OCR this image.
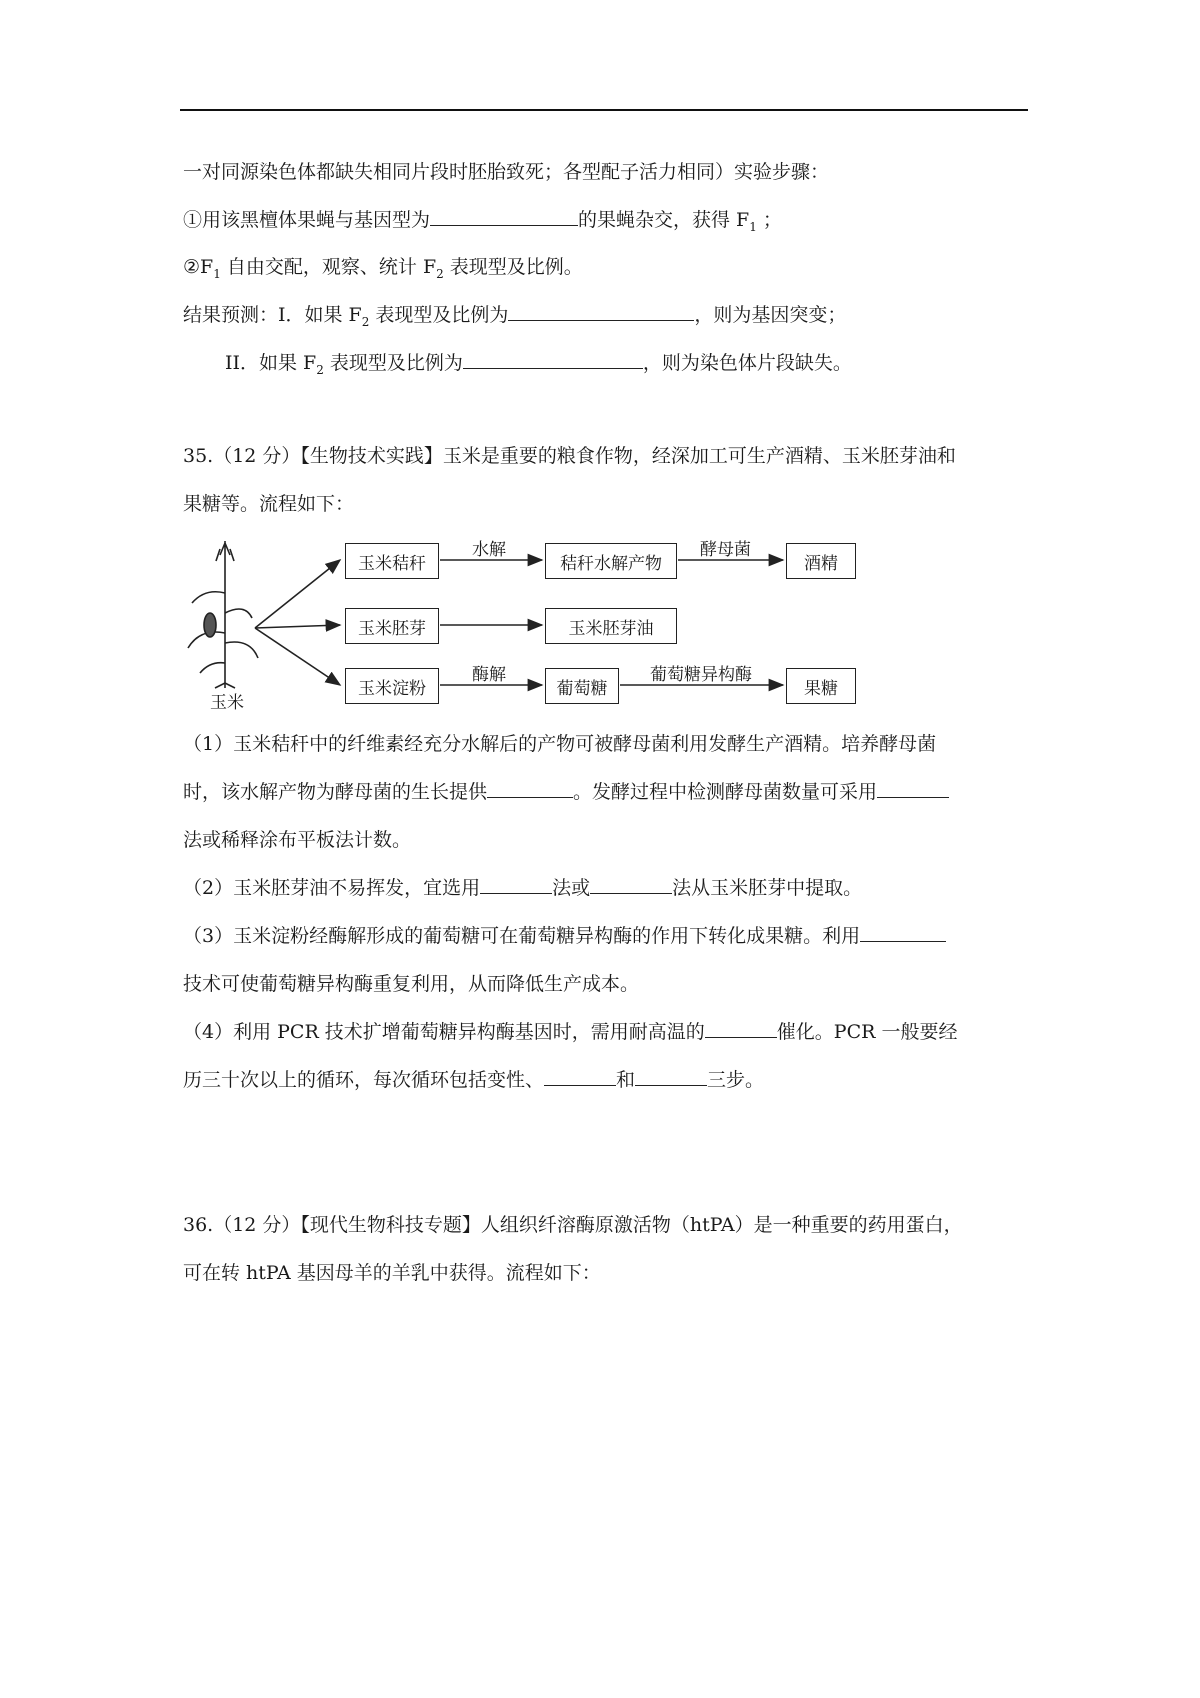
一对同源染色体都缺失相同片段时胚胎致死；各型配子活力相同）实验步骤：
①用该黑檀体果蝇与基因型为	的果蝇杂交，获得 $F_1$ ；
$②F_1$ 自由交配，观察、统计 $F_2$ 表现型及比例。
结果预测：I．如果 $F_2$ 表现型及比例为	，则为基因突变；
II．如果 $F_2$ 表现型及比例为	，则为染色体片段缺失。
35.（12 分）【生物技术实践】玉米是重要的粮食作物，经深加工可生产酒精、玉米胚芽油和
果糖等。流程如下：
玉米
玉米秸秆
水解
秸秆水解产物
酵母菌
酒精
玉米胚芽	玉米胚芽油
玉米淀粉
酶解
葡萄糖
葡萄糖异构酶
果糖
（1）玉米秸秆中的纤维素经充分水解后的产物可被酵母菌利用发酵生产酒精。培养酵母菌
时，该水解产物为酵母菌的生长提供	。发酵过程中检测酵母菌数量可采用
法或稀释涂布平板法计数。
（2）玉米胚芽油不易挥发，宜选用	法或	法从玉米胚芽中提取。
（3）玉米淀粉经酶解形成的葡萄糖可在葡萄糖异构酶的作用下转化成果糖。利用
技术可使葡萄糖异构酶重复利用，从而降低生产成本。
（4）利用 PCR 技术扩增葡萄糖异构酶基因时，需用耐高温的	催化。PCR 一般要经
历三十次以上的循环，每次循环包括变性、	和	三步。
36.（12 分）【现代生物科技专题】人组织纤溶酶原激活物（htPA）是一种重要的药用蛋白，
可在转 htPA 基因母羊的羊乳中获得。流程如下：
